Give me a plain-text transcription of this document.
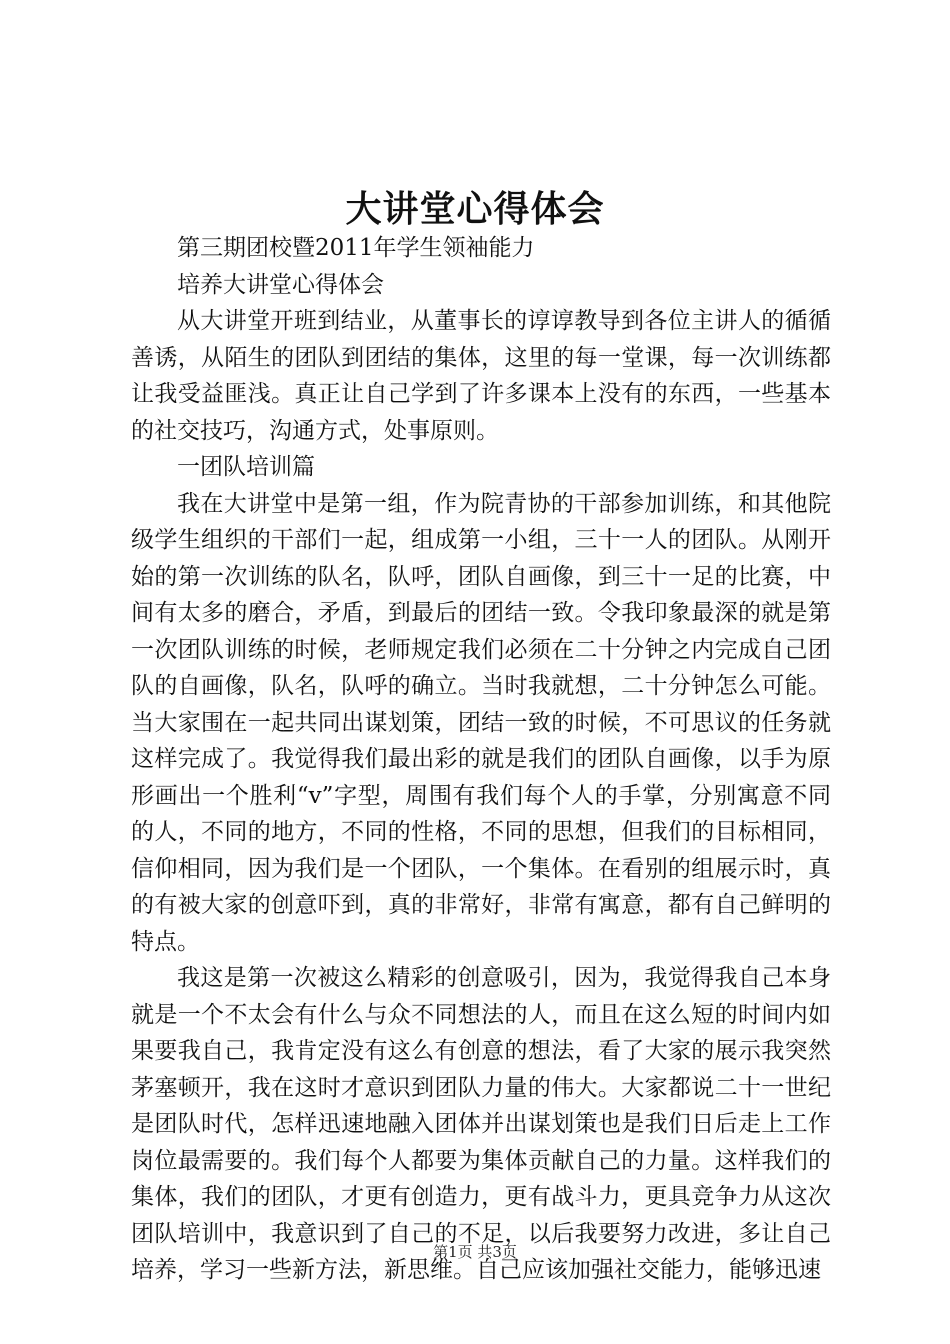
大讲堂心得体会

第三期团校暨2011年学生领袖能力

培养大讲堂心得体会

从大讲堂开班到结业，从董事长的谆谆教导到各位主讲人的循循善诱，从陌生的团队到团结的集体，这里的每一堂课，每一次训练都让我受益匪浅。真正让自己学到了许多课本上没有的东西，一些基本的社交技巧，沟通方式，处事原则。

一团队培训篇

我在大讲堂中是第一组，作为院青协的干部参加训练，和其他院级学生组织的干部们一起，组成第一小组，三十一人的团队。从刚开始的第一次训练的队名，队呼，团队自画像，到三十一足的比赛，中间有太多的磨合，矛盾，到最后的团结一致。令我印象最深的就是第一次团队训练的时候，老师规定我们必须在二十分钟之内完成自己团队的自画像，队名，队呼的确立。当时我就想，二十分钟怎么可能。当大家围在一起共同出谋划策，团结一致的时候，不可思议的任务就这样完成了。我觉得我们最出彩的就是我们的团队自画像，以手为原形画出一个胜利“v”字型，周围有我们每个人的手掌，分别寓意不同的人，不同的地方，不同的性格，不同的思想，但我们的目标相同，信仰相同，因为我们是一个团队，一个集体。在看别的组展示时，真的有被大家的创意吓到，真的非常好，非常有寓意，都有自己鲜明的特点。

我这是第一次被这么精彩的创意吸引，因为，我觉得我自己本身就是一个不太会有什么与众不同想法的人，而且在这么短的时间内如果要我自己，我肯定没有这么有创意的想法，看了大家的展示我突然茅塞顿开，我在这时才意识到团队力量的伟大。大家都说二十一世纪是团队时代，怎样迅速地融入团体并出谋划策也是我们日后走上工作岗位最需要的。我们每个人都要为集体贡献自己的力量。这样我们的集体，我们的团队，才更有创造力，更有战斗力，更具竞争力从这次团队培训中，我意识到了自己的不足，以后我要努力改进，多让自己培养，学习一些新方法，新思维。自己应该加强社交能力，能够迅速

第1页 共3页
